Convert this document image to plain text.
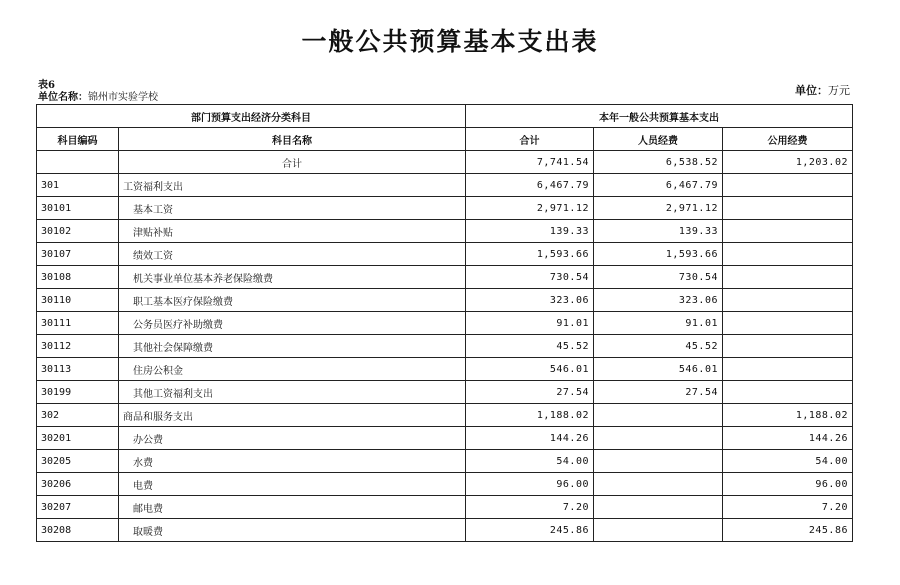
一般公共预算基本支出表
表6
单位名称：锦州市实验学校
单位：万元
部门预算支出经济分类科目		本年一般公共预算基本支出		
科目编码	科目名称	合计	人员经费	公用经费
	合计	7,741.54	6,538.52	1,203.02
301	工资福利支出	6,467.79	6,467.79	
30101	基本工资	2,971.12	2,971.12	
30102	津贴补贴	139.33	139.33	
30107	绩效工资	1,593.66	1,593.66	
30108	机关事业单位基本养老保险缴费	730.54	730.54	
30110	职工基本医疗保险缴费	323.06	323.06	
30111	公务员医疗补助缴费	91.01	91.01	
30112	其他社会保障缴费	45.52	45.52	
30113	住房公积金	546.01	546.01	
30199	其他工资福利支出	27.54	27.54	
302	商品和服务支出	1,188.02		1,188.02
30201	办公费	144.26		144.26
30205	水费	54.00		54.00
30206	电费	96.00		96.00
30207	邮电费	7.20		7.20
30208	取暖费	245.86		245.86
